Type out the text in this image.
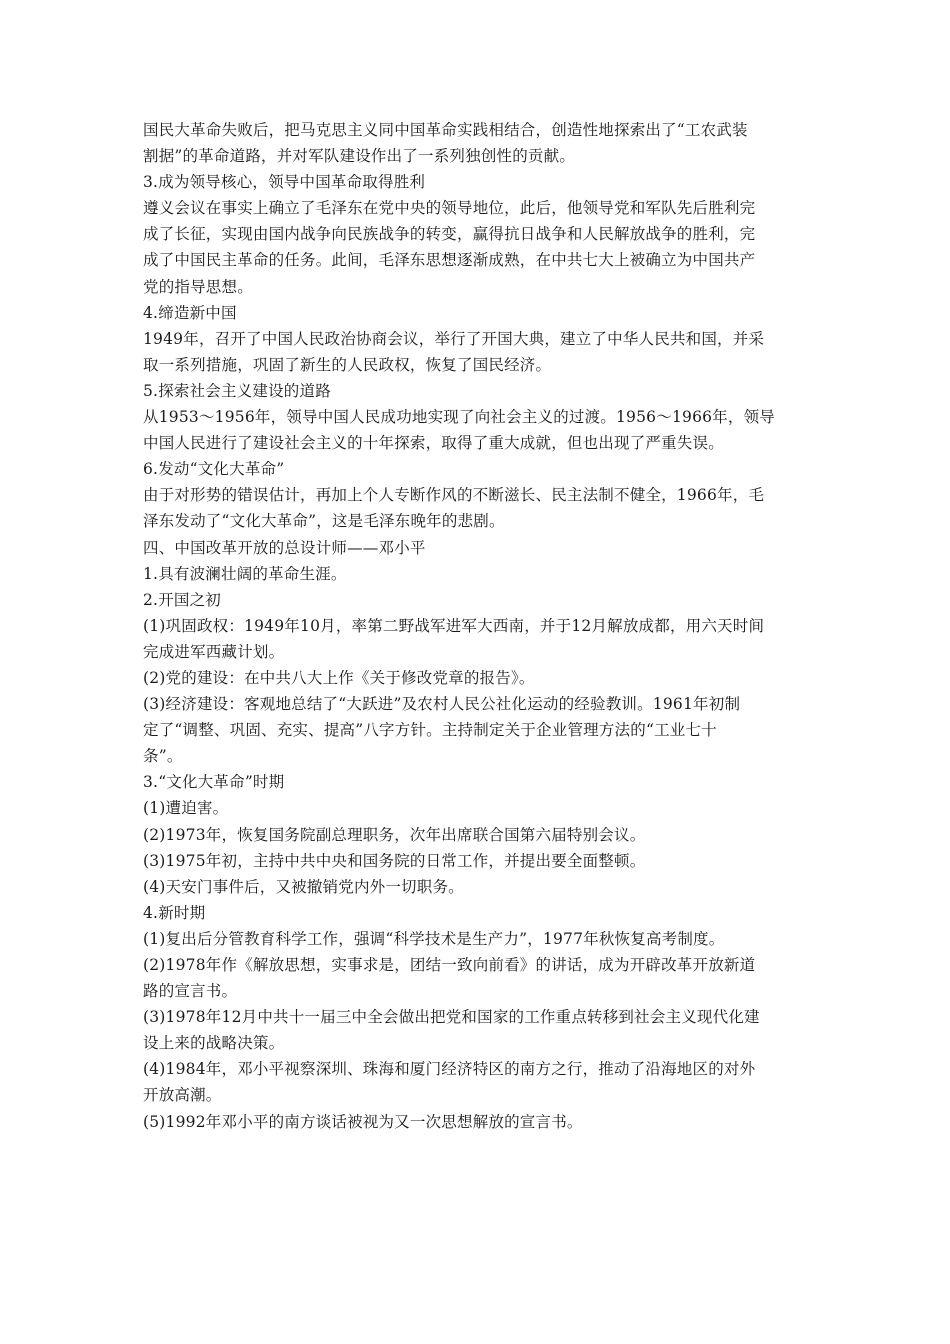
国民大革命失败后，把马克思主义同中国革命实践相结合，创造性地探索出了“工农武装
割据”的革命道路，并对军队建设作出了一系列独创性的贡献。
3.成为领导核心，领导中国革命取得胜利
遵义会议在事实上确立了毛泽东在党中央的领导地位，此后，他领导党和军队先后胜利完
成了长征，实现由国内战争向民族战争的转变，赢得抗日战争和人民解放战争的胜利，完
成了中国民主革命的任务。此间，毛泽东思想逐渐成熟，在中共七大上被确立为中国共产
党的指导思想。
4.缔造新中国
1949年，召开了中国人民政治协商会议，举行了开国大典，建立了中华人民共和国，并采
取一系列措施，巩固了新生的人民政权，恢复了国民经济。
5.探索社会主义建设的道路
从1953～1956年，领导中国人民成功地实现了向社会主义的过渡。1956～1966年，领导
中国人民进行了建设社会主义的十年探索，取得了重大成就，但也出现了严重失误。
6.发动“文化大革命”
由于对形势的错误估计，再加上个人专断作风的不断滋长、民主法制不健全，1966年，毛
泽东发动了“文化大革命”，这是毛泽东晚年的悲剧。
四、中国改革开放的总设计师——邓小平
1.具有波澜壮阔的革命生涯。
2.开国之初
(1)巩固政权：1949年10月，率第二野战军进军大西南，并于12月解放成都，用六天时间
完成进军西藏计划。
(2)党的建设：在中共八大上作《关于修改党章的报告》。
(3)经济建设：客观地总结了“大跃进”及农村人民公社化运动的经验教训。1961年初制
定了“调整、巩固、充实、提高”八字方针。主持制定关于企业管理方法的“工业七十
条”。
3.“文化大革命”时期
(1)遭迫害。
(2)1973年，恢复国务院副总理职务，次年出席联合国第六届特别会议。
(3)1975年初，主持中共中央和国务院的日常工作，并提出要全面整顿。
(4)天安门事件后，又被撤销党内外一切职务。
4.新时期
(1)复出后分管教育科学工作，强调“科学技术是生产力”，1977年秋恢复高考制度。
(2)1978年作《解放思想，实事求是，团结一致向前看》的讲话，成为开辟改革开放新道
路的宣言书。
(3)1978年12月中共十一届三中全会做出把党和国家的工作重点转移到社会主义现代化建
设上来的战略决策。
(4)1984年，邓小平视察深圳、珠海和厦门经济特区的南方之行，推动了沿海地区的对外
开放高潮。
(5)1992年邓小平的南方谈话被视为又一次思想解放的宣言书。
